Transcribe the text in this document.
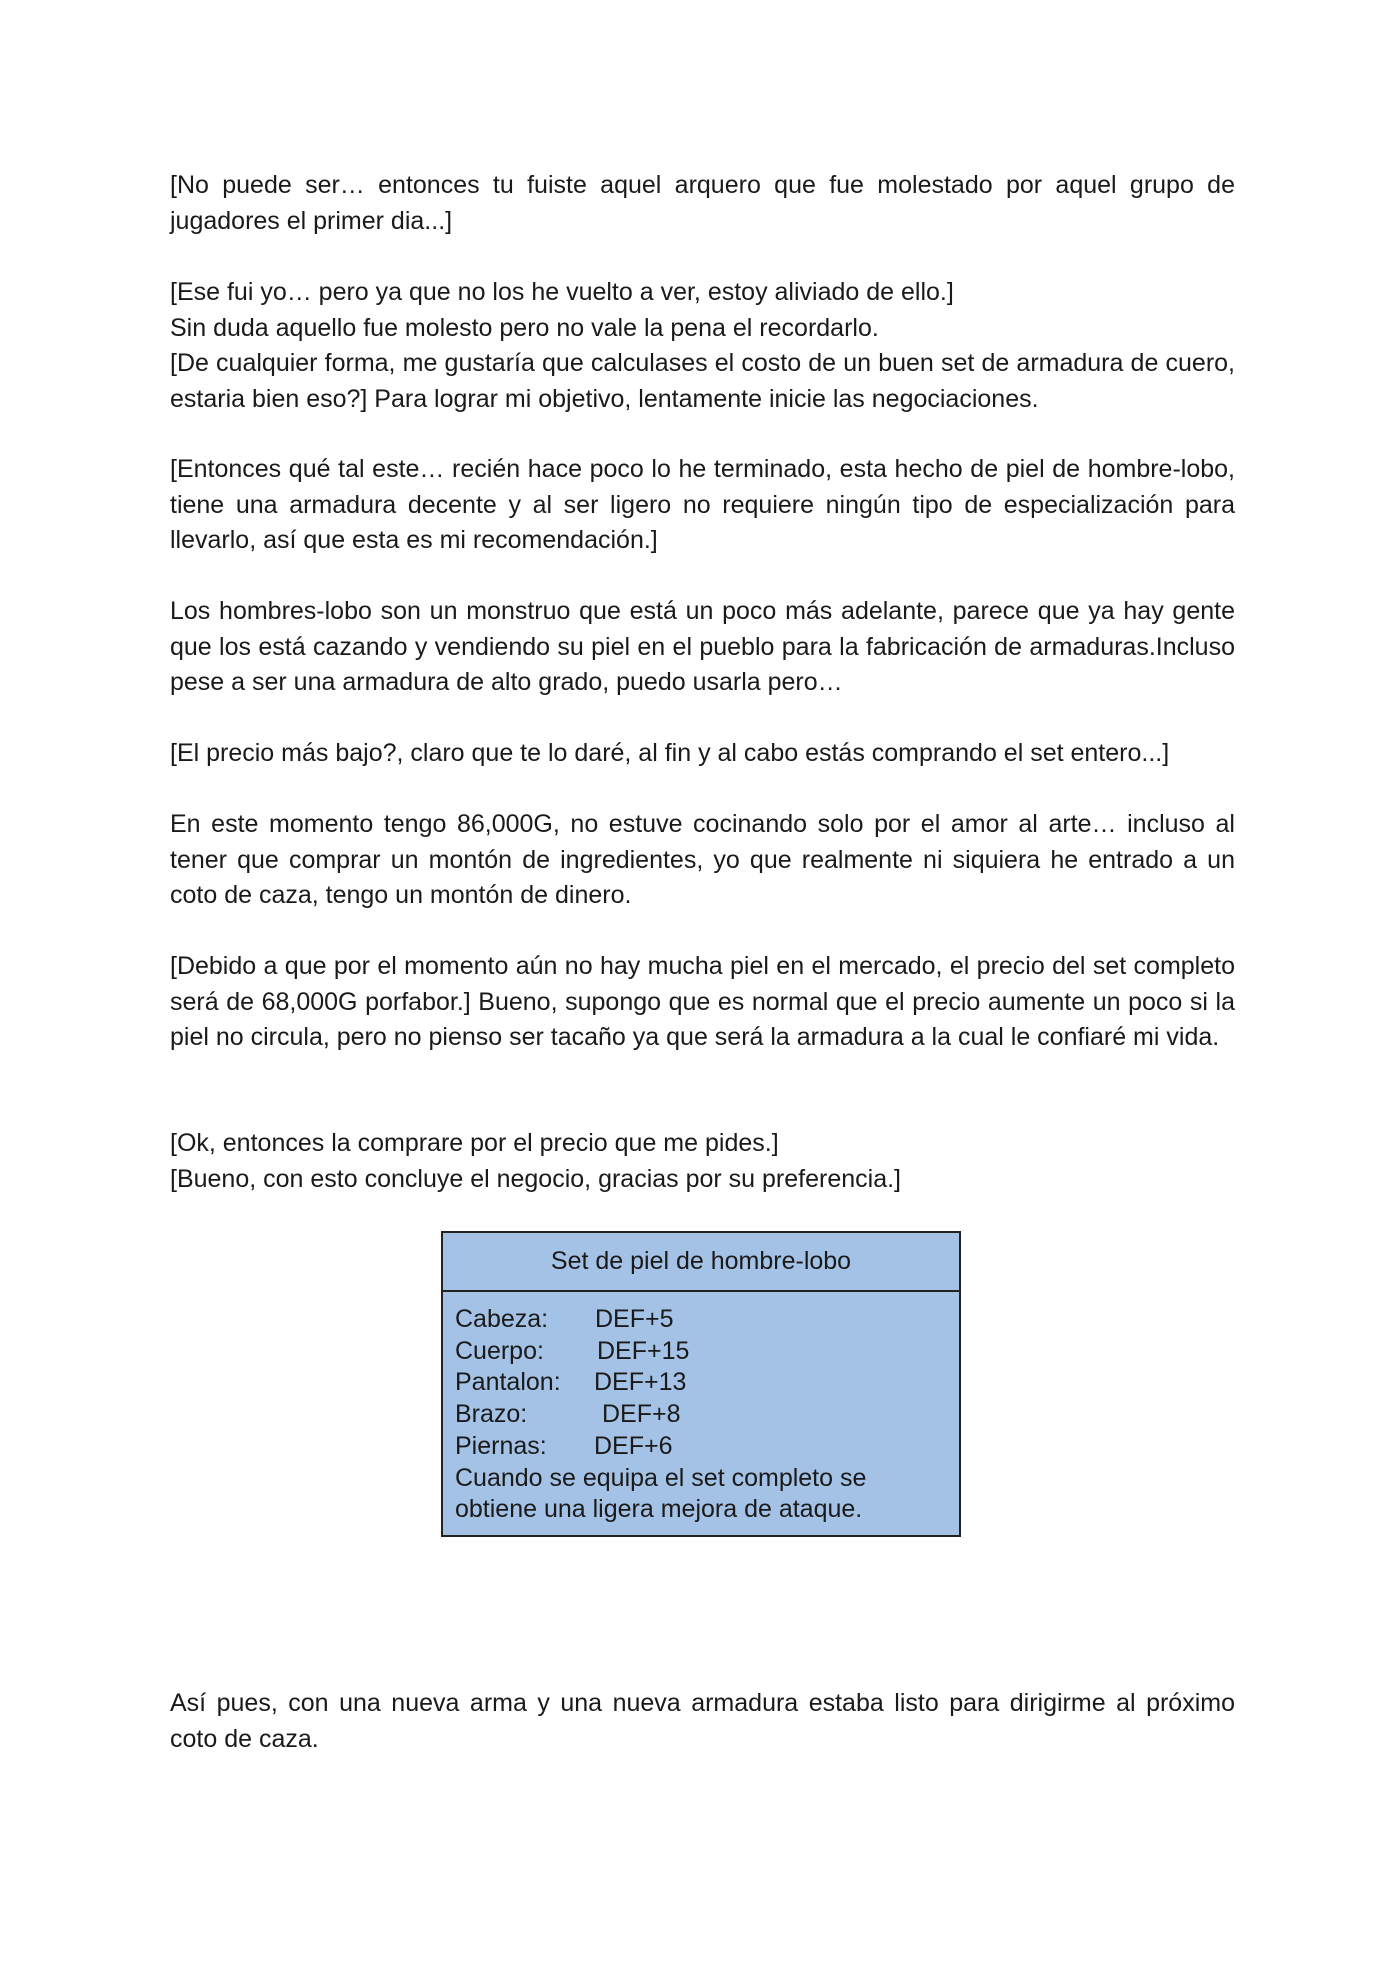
[No puede ser… entonces tu fuiste aquel arquero que fue molestado por aquel grupo de jugadores el primer dia...]

[Ese fui yo… pero ya que no los he vuelto a ver, estoy aliviado de ello.]
Sin duda aquello fue molesto pero no vale la pena el recordarlo.
[De cualquier forma, me gustaría que calculases el costo de un buen set de armadura de cuero, estaria bien eso?] Para lograr mi objetivo, lentamente inicie las negociaciones.

[Entonces qué tal este… recién hace poco lo he terminado, esta hecho de piel de hombre-lobo, tiene una armadura decente y al ser ligero no requiere ningún tipo de especialización para llevarlo, así que esta es mi recomendación.]

Los hombres-lobo son un monstruo que está un poco más adelante, parece que ya hay gente que los está cazando y vendiendo su piel en el pueblo para la fabricación de armaduras.Incluso pese a ser una armadura de alto grado, puedo usarla pero…

[El precio más bajo?, claro que te lo daré, al fin y al cabo estás comprando el set entero...]

En este momento tengo 86,000G, no estuve cocinando solo por el amor al arte… incluso al tener que comprar un montón de ingredientes, yo que realmente ni siquiera he entrado a un coto de caza, tengo un montón de dinero.

[Debido a que por el momento aún no hay mucha piel en el mercado, el precio del set completo será de 68,000G porfabor.] Bueno, supongo que es normal que el precio aumente un poco si la piel no circula, pero no pienso ser tacaño ya que será la armadura a la cual le confiaré mi vida.

[Ok, entonces la comprare por el precio que me pides.]
[Bueno, con esto concluye el negocio, gracias por su preferencia.]

Set de piel de hombre-lobo
Cabeza: DEF+5
Cuerpo: DEF+15
Pantalon: DEF+13
Brazo:	DEF+8
Piernas: DEF+6
Cuando se equipa el set completo se obtiene una ligera mejora de ataque.

Así pues, con una nueva arma y una nueva armadura estaba listo para dirigirme al próximo coto de caza.
